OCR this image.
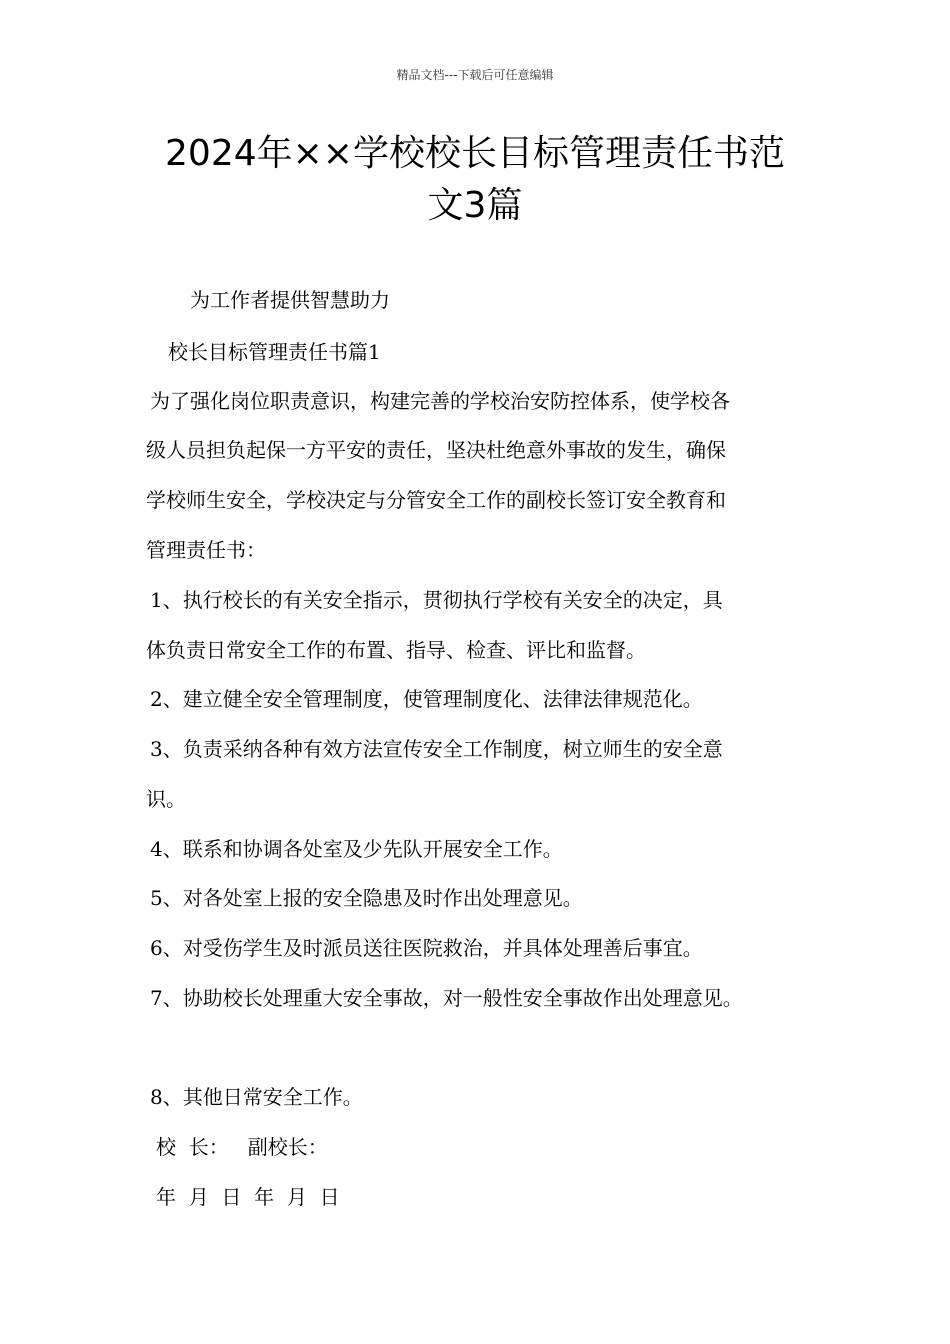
精品文档---下载后可任意编辑
2024年××学校校长目标管理责任书范
文3篇
为工作者提供智慧助力
校长目标管理责任书篇1
为了强化岗位职责意识，构建完善的学校治安防控体系，使学校各
级人员担负起保一方平安的责任，坚决杜绝意外事故的发生，确保
学校师生安全，学校决定与分管安全工作的副校长签订安全教育和
管理责任书：
1、执行校长的有关安全指示，贯彻执行学校有关安全的决定，具
体负责日常安全工作的布置、指导、检查、评比和监督。
2、建立健全安全管理制度，使管理制度化、法律法律规范化。
3、负责采纳各种有效方法宣传安全工作制度，树立师生的安全意
识。
4、联系和协调各处室及少先队开展安全工作。
5、对各处室上报的安全隐患及时作出处理意见。
6、对受伤学生及时派员送往医院救治，并具体处理善后事宜。
7、协助校长处理重大安全事故，对一般性安全事故作出处理意见。
8、其他日常安全工作。
校  长：   副校长：
年  月  日  年  月  日
